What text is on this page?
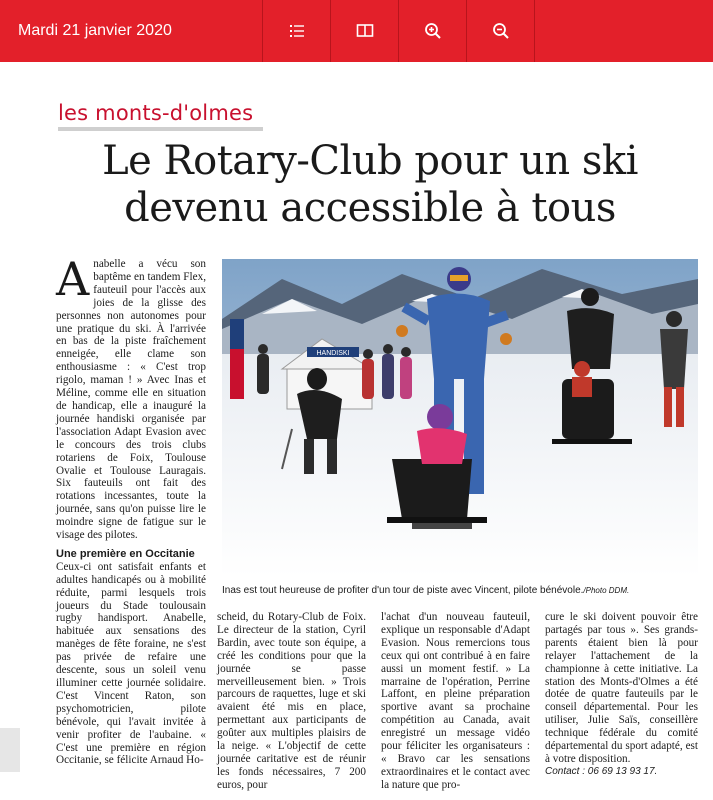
Mardi 21 janvier 2020
les monts-d'olmes
Le Rotary-Club pour un ski
devenu accessible à tous

Anabelle a vécu son baptême en tandem Flex, fauteuil pour l'accès aux joies de la glisse des personnes non autonomes pour une pratique du ski. À l'arrivée en bas de la piste fraîchement enneigée, elle clame son enthousiasme : « C'est trop rigolo, maman ! » Avec Inas et Méline, comme elle en situation de handicap, elle a inauguré la journée handiski organisée par l'association Adapt Evasion avec le concours des trois clubs rotariens de Foix, Toulouse Ovalie et Toulouse Lauragais. Six fauteuils ont fait des rotations incessantes, toute la journée, sans qu'on puisse lire le moindre signe de fatigue sur le visage des pilotes.

Une première en Occitanie

Ceux-ci ont satisfait enfants et adultes handicapés ou à mobilité réduite, parmi lesquels trois joueurs du Stade toulousain rugby handisport. Anabelle, habituée aux sensations des manèges de fête foraine, ne s'est pas privée de refaire une descente, sous un soleil venu illuminer cette journée solidaire. C'est Vincent Raton, son psychomotricien, pilote bénévole, qui l'avait invitée à venir profiter de l'aubaine. « C'est une première en région Occitanie, se félicite Arnaud Ho-

HANDISKI
Inas est tout heureuse de profiter d'un tour de piste avec Vincent, pilote bénévole./Photo DDM.
scheid, du Rotary-Club de Foix. Le directeur de la station, Cyril Bardin, avec toute son équipe, a créé les conditions pour que la journée se passe merveilleusement bien. » Trois parcours de raquettes, luge et ski avaient été mis en place, permettant aux participants de goûter aux multiples plaisirs de la neige. « L'objectif de cette journée caritative est de réunir les fonds nécessaires, 7 200 euros, pour
l'achat d'un nouveau fauteuil, explique un responsable d'Adapt Evasion. Nous remercions tous ceux qui ont contribué à en faire aussi un moment festif. » La marraine de l'opération, Perrine Laffont, en pleine préparation sportive avant sa prochaine compétition au Canada, avait enregistré un message vidéo pour féliciter les organisateurs : « Bravo car les sensations extraordinaires et le contact avec la nature que pro-

cure le ski doivent pouvoir être partagés par tous ». Ses grands-parents étaient bien là pour relayer l'attachement de la championne à cette initiative. La station des Monts-d'Olmes a été dotée de quatre fauteuils par le conseil départemental. Pour les utiliser, Julie Saïs, conseillère technique fédérale du comité départemental du sport adapté, est à votre disposition.

Contact : 06 69 13 93 17.
